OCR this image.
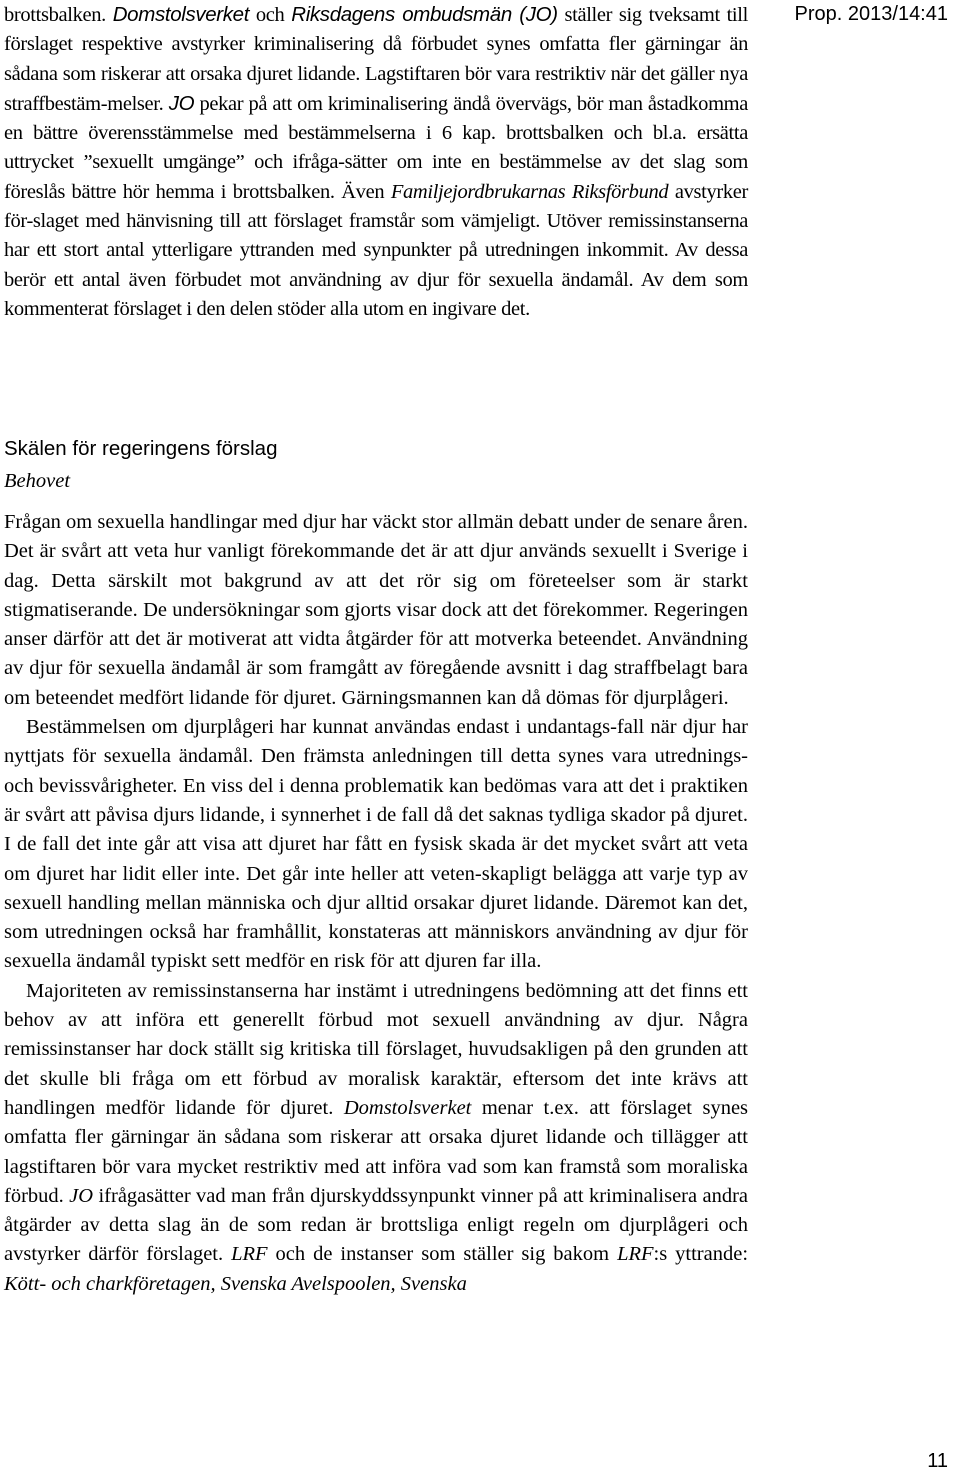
Prop. 2013/14:41

brottsbalken. Domstolsverket och Riksdagens ombudsmän (JO) ställer sig tveksamt till förslaget respektive avstyrker kriminalisering då förbudet synes omfatta fler gärningar än sådana som riskerar att orsaka djuret lidande. Lagstiftaren bör vara restriktiv när det gäller nya straffbestäm-melser. JO pekar på att om kriminalisering ändå övervägs, bör man åstadkomma en bättre överensstämmelse med bestämmelserna i 6 kap. brottsbalken och bl.a. ersätta uttrycket ”sexuellt umgänge” och ifråga-sätter om inte en bestämmelse av det slag som föreslås bättre hör hemma i brottsbalken. Även Familjejordbrukarnas Riksförbund avstyrker för-slaget med hänvisning till att förslaget framstår som vämjeligt. Utöver remissinstanserna har ett stort antal ytterligare yttranden med synpunkter på utredningen inkommit. Av dessa berör ett antal även förbudet mot användning av djur för sexuella ändamål. Av dem som kommenterat förslaget i den delen stöder alla utom en ingivare det.

Skälen för regeringens förslag
Behovet

Frågan om sexuella handlingar med djur har väckt stor allmän debatt under de senare åren. Det är svårt att veta hur vanligt förekommande det är att djur används sexuellt i Sverige i dag. Detta särskilt mot bakgrund av att det rör sig om företeelser som är starkt stigmatiserande. De undersökningar som gjorts visar dock att det förekommer. Regeringen anser därför att det är motiverat att vidta åtgärder för att motverka beteendet. Användning av djur för sexuella ändamål är som framgått av föregående avsnitt i dag straffbelagt bara om beteendet medfört lidande för djuret. Gärningsmannen kan då dömas för djurplågeri.

Bestämmelsen om djurplågeri har kunnat användas endast i undantags-fall när djur har nyttjats för sexuella ändamål. Den främsta anledningen till detta synes vara utrednings- och bevissvårigheter. En viss del i denna problematik kan bedömas vara att det i praktiken är svårt att påvisa djurs lidande, i synnerhet i de fall då det saknas tydliga skador på djuret. I de fall det inte går att visa att djuret har fått en fysisk skada är det mycket svårt att veta om djuret har lidit eller inte. Det går inte heller att veten-skapligt belägga att varje typ av sexuell handling mellan människa och djur alltid orsakar djuret lidande. Däremot kan det, som utredningen också har framhållit, konstateras att människors användning av djur för sexuella ändamål typiskt sett medför en risk för att djuren far illa.

Majoriteten av remissinstanserna har instämt i utredningens bedömning att det finns ett behov av att införa ett generellt förbud mot sexuell användning av djur. Några remissinstanser har dock ställt sig kritiska till förslaget, huvudsakligen på den grunden att det skulle bli fråga om ett förbud av moralisk karaktär, eftersom det inte krävs att handlingen medför lidande för djuret. Domstolsverket menar t.ex. att förslaget synes omfatta fler gärningar än sådana som riskerar att orsaka djuret lidande och tillägger att lagstiftaren bör vara mycket restriktiv med att införa vad som kan framstå som moraliska förbud. JO ifrågasätter vad man från djurskyddssynpunkt vinner på att kriminalisera andra åtgärder av detta slag än de som redan är brottsliga enligt regeln om djurplågeri och avstyrker därför förslaget. LRF och de instanser som ställer sig bakom LRF:s yttrande: Kött- och charkföretagen, Svenska Avelspoolen, Svenska

11
